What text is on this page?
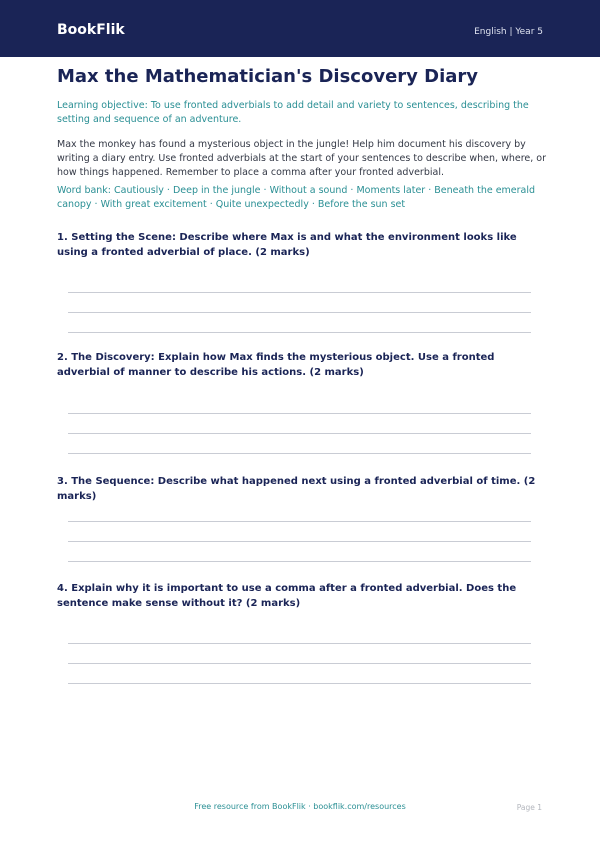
BookFlik	English | Year 5
Max the Mathematician's Discovery Diary

Learning objective: To use fronted adverbials to add detail and variety to sentences, describing the setting and sequence of an adventure.

Max the monkey has found a mysterious object in the jungle! Help him document his discovery by writing a diary entry. Use fronted adverbials at the start of your sentences to describe when, where, or how things happened. Remember to place a comma after your fronted adverbial.

Word bank: Cautiously · Deep in the jungle · Without a sound · Moments later · Beneath the emerald canopy · With great excitement · Quite unexpectedly · Before the sun set

1. Setting the Scene: Describe where Max is and what the environment looks like using a fronted adverbial of place. (2 marks)

2. The Discovery: Explain how Max finds the mysterious object. Use a fronted adverbial of manner to describe his actions. (2 marks)

3. The Sequence: Describe what happened next using a fronted adverbial of time. (2 marks)

4. Explain why it is important to use a comma after a fronted adverbial. Does the sentence make sense without it? (2 marks)

Free resource from BookFlik · bookflik.com/resources	Page 1
